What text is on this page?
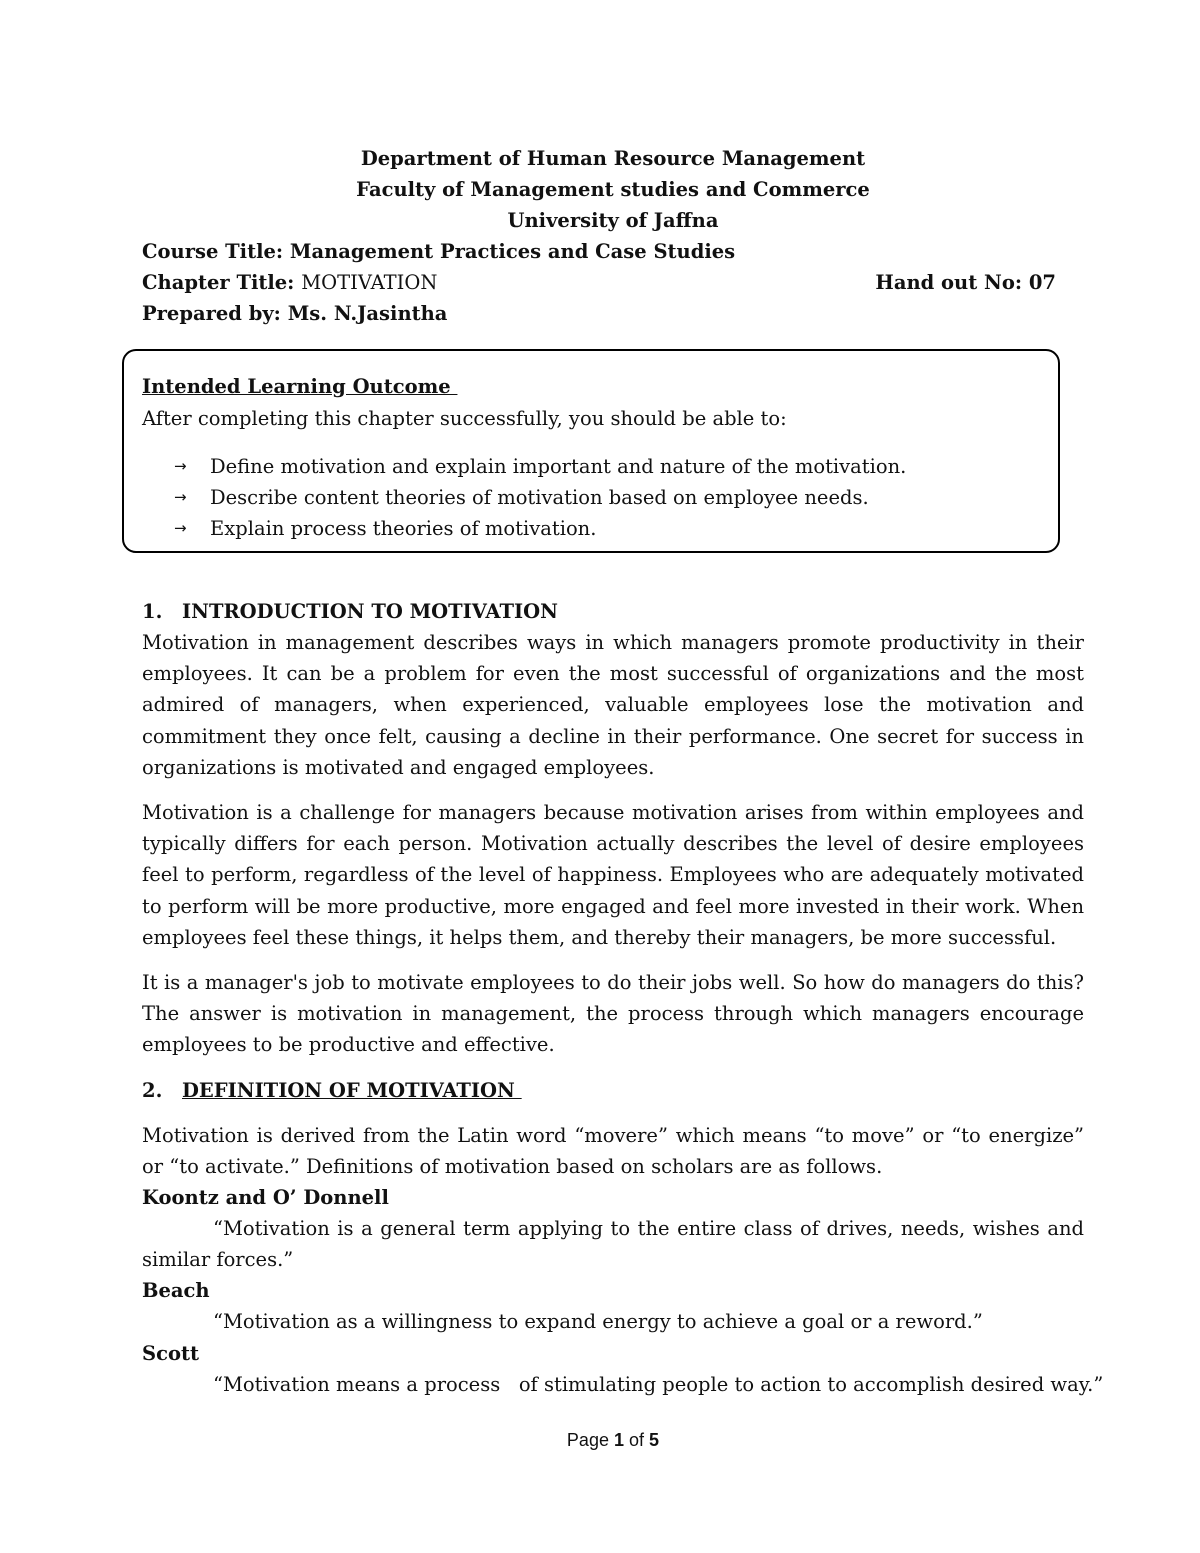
Department of Human Resource Management
Faculty of Management studies and Commerce
University of Jaffna
Course Title: Management Practices and Case Studies
Chapter Title: MOTIVATION	Hand out No: 07
Prepared by: Ms. N.Jasintha
Intended Learning Outcome
After completing this chapter successfully, you should be able to:
→ Define motivation and explain important and nature of the motivation.
→ Describe content theories of motivation based on employee needs.
→ Explain process theories of motivation.
1.	INTRODUCTION TO MOTIVATION

Motivation in management describes ways in which managers promote productivity in their employees. It can be a problem for even the most successful of organizations and the most admired of managers, when experienced, valuable employees lose the motivation and commitment they once felt, causing a decline in their performance. One secret for success in organizations is motivated and engaged employees.

Motivation is a challenge for managers because motivation arises from within employees and typically differs for each person. Motivation actually describes the level of desire employees feel to perform, regardless of the level of happiness. Employees who are adequately motivated to perform will be more productive, more engaged and feel more invested in their work. When employees feel these things, it helps them, and thereby their managers, be more successful.

It is a manager's job to motivate employees to do their jobs well. So how do managers do this? The answer is motivation in management, the process through which managers encourage employees to be productive and effective.

2.	DEFINITION OF MOTIVATION

Motivation is derived from the Latin word “movere” which means “to move” or “to energize” or “to activate.” Definitions of motivation based on scholars are as follows.

Koontz and O’ Donnell

“Motivation is a general term applying to the entire class of drives, needs, wishes and similar forces.”

Beach

“Motivation as a willingness to expand energy to achieve a goal or a reword.”

Scott

“Motivation means a process   of stimulating people to action to accomplish desired way.”

Page 1 of 5
